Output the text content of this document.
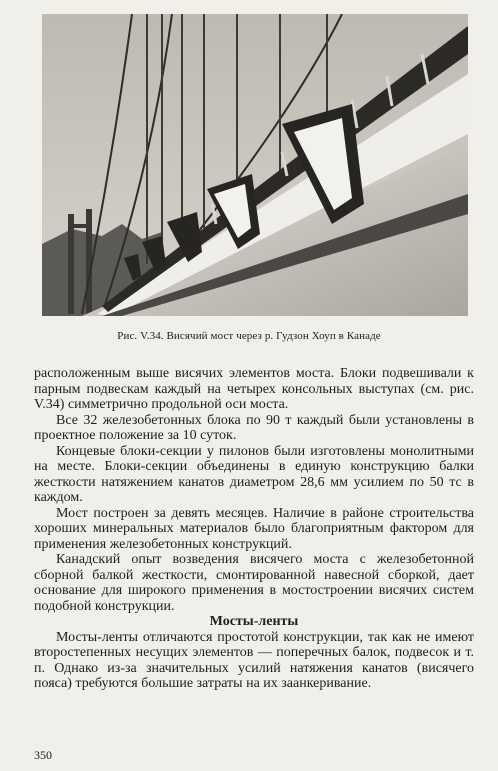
Рис. V.34. Висячий мост через р. Гудзон Хоуп в Канаде

расположенным выше висячих элементов моста. Блоки подвешивали к парным подвескам каждый на четырех консольных выступах (см. рис. V.34) симметрично продольной оси моста.

Все 32 железобетонных блока по 90 т каждый были установлены в проектное положение за 10 суток.

Концевые блоки-секции у пилонов были изготовлены монолитными на месте. Блоки-секции объединены в единую конструкцию балки жесткости натяжением канатов диаметром 28,6 мм усилием по 50 тс в каждом.

Мост построен за девять месяцев. Наличие в районе строительства хороших минеральных материалов было благоприятным фактором для применения железобетонных конструкций.

Канадский опыт возведения висячего моста с железобетонной сборной балкой жесткости, смонтированной навесной сборкой, дает основание для широкого применения в мостостроении висячих систем подобной конструкции.

Мосты-ленты

Мосты-ленты отличаются простотой конструкции, так как не имеют второстепенных несущих элементов — поперечных балок, подвесок и т. п. Однако из-за значительных усилий натяжения канатов (висячего пояса) требуются большие затраты на их заанкеривание.

350
